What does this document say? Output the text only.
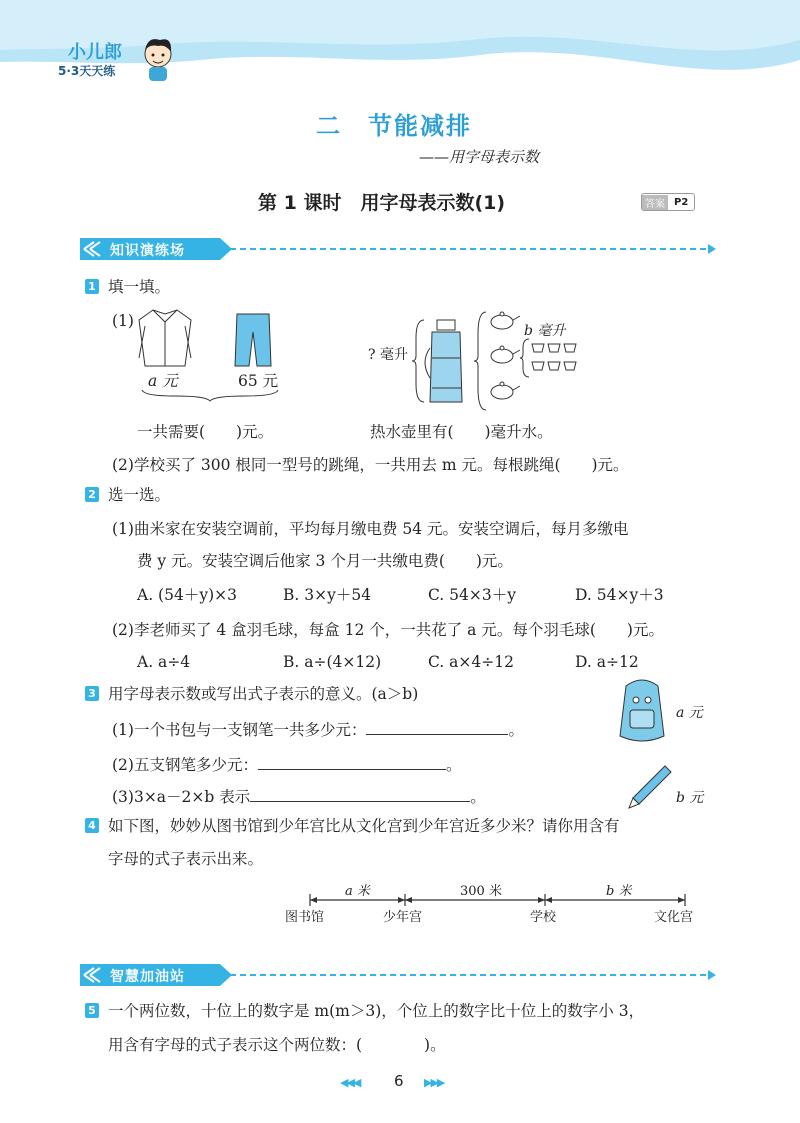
小儿郎
5·3天天练
二　节能减排
——用字母表示数
第 1 课时　用字母表示数(1)	答案 P2
知识演练场
1 填一填。
(1)
a 元	65 元
一共需要(　　)元。
? 毫升
b 毫升
热水壶里有(　　)毫升水。
(2)学校买了 300 根同一型号的跳绳，一共用去 m 元。每根跳绳(　　)元。
2 选一选。
(1)曲米家在安装空调前，平均每月缴电费 54 元。安装空调后，每月多缴电
费 y 元。安装空调后他家 3 个月一共缴电费(　　)元。
A. (54＋y)×3	B. 3×y＋54	C. 54×3＋y	D. 54×y＋3
(2)李老师买了 4 盒羽毛球，每盒 12 个，一共花了 a 元。每个羽毛球(　　)元。
A. a÷4	B. a÷(4×12)	C. a×4÷12	D. a÷12
3 用字母表示数或写出式子表示的意义。(a＞b)
(1)一个书包与一支钢笔一共多少元：	。
(2)五支钢笔多少元：	。
(3)3×a－2×b 表示	。
a 元
b 元
4 如下图，妙妙从图书馆到少年宫比从文化宫到少年宫近多少米？请你用含有
字母的式子表示出来。
a 米	300 米	b 米
图书馆	少年宫	学校	文化宫
智慧加油站
5 一个两位数，十位上的数字是 m(m＞3)，个位上的数字比十位上的数字小 3，
用含有字母的式子表示这个两位数：(　　　　)。
◀◀◀ 6 ▶▶▶
